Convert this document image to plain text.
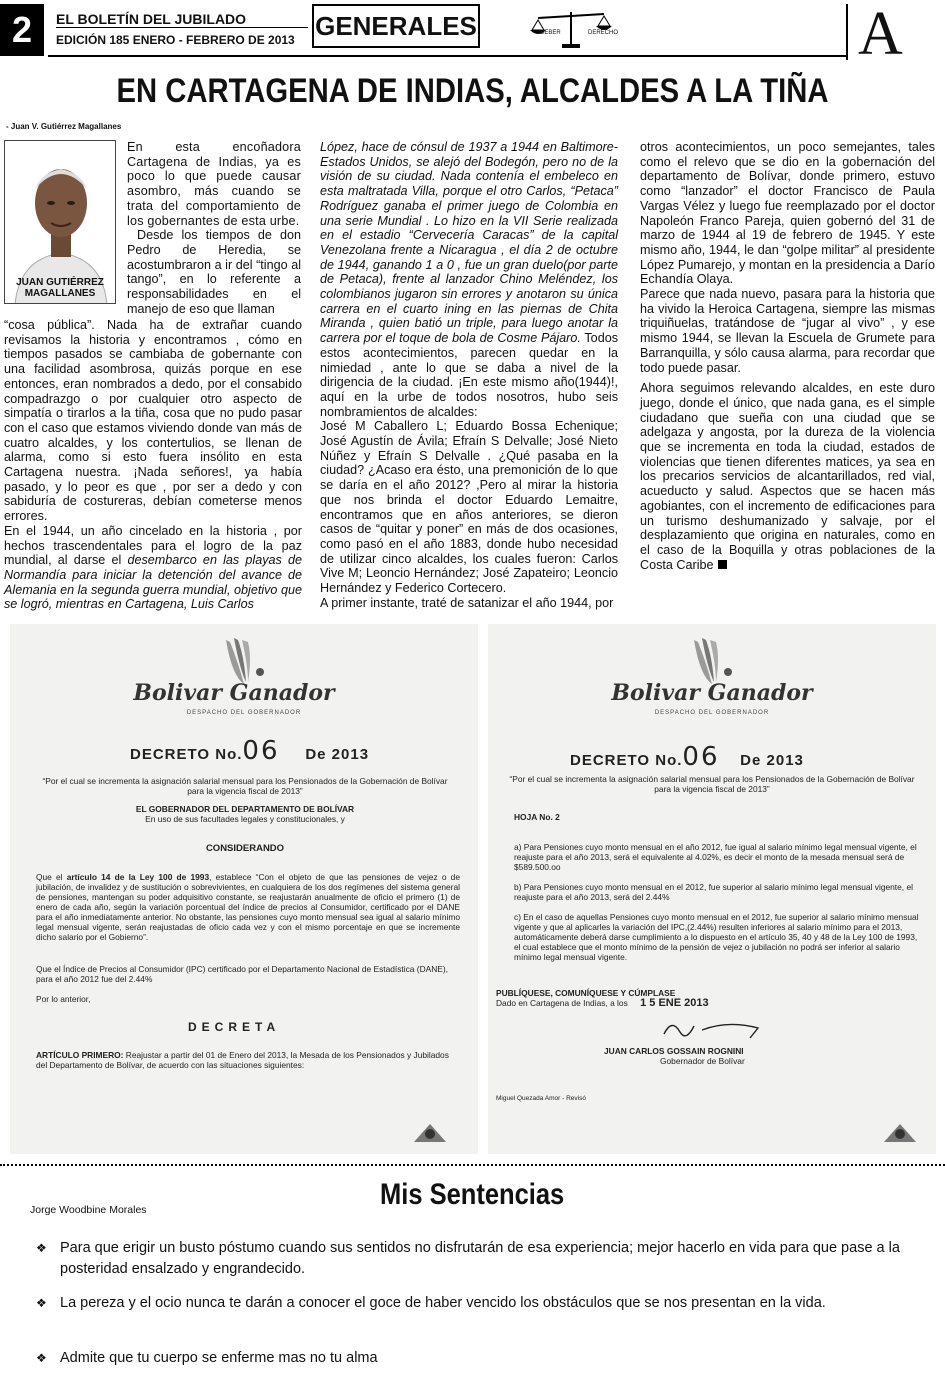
2	EL BOLETÍN DEL JUBILADO
EDICIÓN 185 ENERO - FEBRERO DE 2013 GENERALES	DEBER	DERECHO	A
EN CARTAGENA DE INDIAS, ALCALDES A LA TIÑA
- Juan V. Gutiérrez Magallanes
JUAN GUTIÉRREZ MAGALLANES

En esta encoñadora Cartagena de Indias, ya es poco lo que puede causar asombro, más cuando se trata del comportamiento de los gobernantes de esta urbe.

Desde los tiempos de don Pedro de Heredia, se acostumbraron a ir del “tingo al tango”, en lo referente a responsabilidades en el manejo de eso que llaman

“cosa pública”. Nada ha de extrañar cuando revisamos la historia y encontramos , cómo en tiempos pasados se cambiaba de gobernante con una facilidad asombrosa, quizás porque en ese entonces, eran nombrados a dedo, por el consabido compadrazgo o por cualquier otro aspecto de simpatía o tirarlos a la tiña, cosa que no pudo pasar con el caso que estamos viviendo donde van más de cuatro alcaldes, y los contertulios, se llenan de alarma, como si esto fuera insólito en esta Cartagena nuestra. ¡Nada señores!, ya había pasado, y lo peor es que , por ser a dedo y con sabiduría de costureras, debían cometerse menos errores.

En el 1944, un año cincelado en la historia , por hechos trascendentales para el logro de la paz mundial, al darse el desembarco en las playas de Normandía para iniciar la detención del avance de Alemania en la segunda guerra mundial, objetivo que se logró, mientras en Cartagena, Luis Carlos

López, hace de cónsul de 1937 a 1944 en Baltimore- Estados Unidos, se alejó del Bodegón, pero no de la visión de su ciudad. Nada contenía el embeleco en esta maltratada Villa, porque el otro Carlos, “Petaca” Rodríguez ganaba el primer juego de Colombia en una serie Mundial . Lo hizo en la VII Serie realizada en el estadio “Cervecería Caracas” de la capital Venezolana frente a Nicaragua , el día 2 de octubre de 1944, ganando 1 a 0 , fue un gran duelo(por parte de Petaca), frente al lanzador Chino Meléndez, los colombianos jugaron sin errores y anotaron su única carrera en el cuarto ining en las piernas de Chita Miranda , quien batió un triple, para luego anotar la carrera por el toque de bola de Cosme Pájaro. Todos estos acontecimientos, parecen quedar en la nimiedad , ante lo que se daba a nivel de la dirigencia de la ciudad. ¡En este mismo año(1944)!, aquí en la urbe de todos nosotros, hubo seis nombramientos de alcaldes:

José M Caballero L; Eduardo Bossa Echenique; José Agustín de Ávila; Efraín S Delvalle; José Nieto Núñez y Efraín S Delvalle . ¿Qué pasaba en la ciudad? ¿Acaso era ésto, una premonición de lo que se daría en el año 2012? ,Pero al mirar la historia que nos brinda el doctor Eduardo Lemaitre, encontramos que en años anteriores, se dieron casos de “quitar y poner” en más de dos ocasiones, como pasó en el año 1883, donde hubo necesidad de utilizar cinco alcaldes, los cuales fueron: Carlos Vive M; Leoncio Hernández; José Zapateiro; Leoncio Hernández y Federico Cortecero.

A primer instante, traté de satanizar el año 1944, por

otros acontecimientos, un poco semejantes, tales como el relevo que se dio en la gobernación del departamento de Bolívar, donde primero, estuvo como “lanzador” el doctor Francisco de Paula Vargas Vélez y luego fue reemplazado por el doctor Napoleón Franco Pareja, quien gobernó del 31 de marzo de 1944 al 19 de febrero de 1945. Y este mismo año, 1944, le dan “golpe militar” al presidente López Pumarejo, y montan en la presidencia a Darío Echandía Olaya.

Parece que nada nuevo, pasara para la historia que ha vivido la Heroica Cartagena, siempre las mismas triquiñuelas, tratándose de “jugar al vivo” , y ese mismo 1944, se llevan la Escuela de Grumete para Barranquilla, y sólo causa alarma, para recordar que todo puede pasar.

Ahora seguimos relevando alcaldes, en este duro juego, donde el único, que nada gana, es el simple ciudadano que sueña con una ciudad que se adelgaza y angosta, por la dureza de la violencia que se incrementa en toda la ciudad, estados de violencias que tienen diferentes matices, ya sea en los precarios servicios de alcantarillados, red vial, acueducto y salud. Aspectos que se hacen más agobiantes, con el incremento de edificaciones para un turismo deshumanizado y salvaje, por el desplazamiento que origina en naturales, como en el caso de la Boquilla y otras poblaciones de la Costa Caribe

Bolivar Ganador
DESPACHO DEL GOBERNADOR
DECRETO No.06 De 2013
“Por el cual se incrementa la asignación salarial mensual para los Pensionados de la Gobernación de Bolívar para la vigencia fiscal de 2013”
EL GOBERNADOR DEL DEPARTAMENTO DE BOLÍVAR
En uso de sus facultades legales y constitucionales, y
CONSIDERANDO
Que el artículo 14 de la Ley 100 de 1993, establece “Con el objeto de que las pensiones de vejez o de jubilación, de invalidez y de sustitución o sobrevivientes, en cualquiera de los dos regímenes del sistema general de pensiones, mantengan su poder adquisitivo constante, se reajustarán anualmente de oficio el primero (1) de enero de cada año, según la variación porcentual del índice de precios al Consumidor, certificado por el DANE para el año inmediatamente anterior. No obstante, las pensiones cuyo monto mensual sea igual al salario mínimo legal mensual vigente, serán reajustadas de oficio cada vez y con el mismo porcentaje en que se incremente dicho salario por el Gobierno”.
Que el Índice de Precios al Consumidor (IPC) certificado por el Departamento Nacional de Estadística (DANE), para el año 2012 fue del 2.44%
Por lo anterior,
DECRETA
ARTÍCULO PRIMERO: Reajustar a partir del 01 de Enero del 2013, la Mesada de los Pensionados y Jubilados del Departamento de Bolívar, de acuerdo con las situaciones siguientes:
Bolivar Ganador
DESPACHO DEL GOBERNADOR
DECRETO No.06 De 2013
“Por el cual se incrementa la asignación salarial mensual para los Pensionados de la Gobernación de Bolívar para la vigencia fiscal de 2013”
HOJA No. 2
a) Para Pensiones cuyo monto mensual en el año 2012, fue igual al salario mínimo legal mensual vigente, el reajuste para el año 2013, será el equivalente al 4.02%, es decir el monto de la mesada mensual será de $589.500.oo
b) Para Pensiones cuyo monto mensual en el 2012, fue superior al salario mínimo legal mensual vigente, el reajuste para el año 2013, será del 2.44%
c) En el caso de aquellas Pensiones cuyo monto mensual en el 2012, fue superior al salario mínimo mensual vigente y que al aplicarles la variación del IPC,(2.44%) resulten inferiores al salario mínimo para el 2013, automáticamente deberá darse cumplimiento a lo dispuesto en el artículo 35, 40 y 48 de la Ley 100 de 1993, el cual establece que el monto mínimo de la pensión de vejez o jubilación no podrá ser inferior al salario mínimo legal mensual vigente.
PUBLÍQUESE, COMUNÍQUESE Y CÚMPLASE
Dado en Cartagena de Indias, a los 1 5 ENE 2013
JUAN CARLOS GOSSAIN ROGNINI
Gobernador de Bolívar
Miguel Quezada Amor - Revisó
Mis Sentencias
Jorge Woodbine Morales
❖ Para que erigir un busto póstumo cuando sus sentidos no disfrutarán de esa experiencia; mejor hacerlo en vida para que pase a la posteridad ensalzado y engrandecido.
❖ La pereza y el ocio nunca te darán a conocer el goce de haber vencido los obstáculos que se nos presentan en la vida.
❖ Admite que tu cuerpo se enferme mas no tu alma
